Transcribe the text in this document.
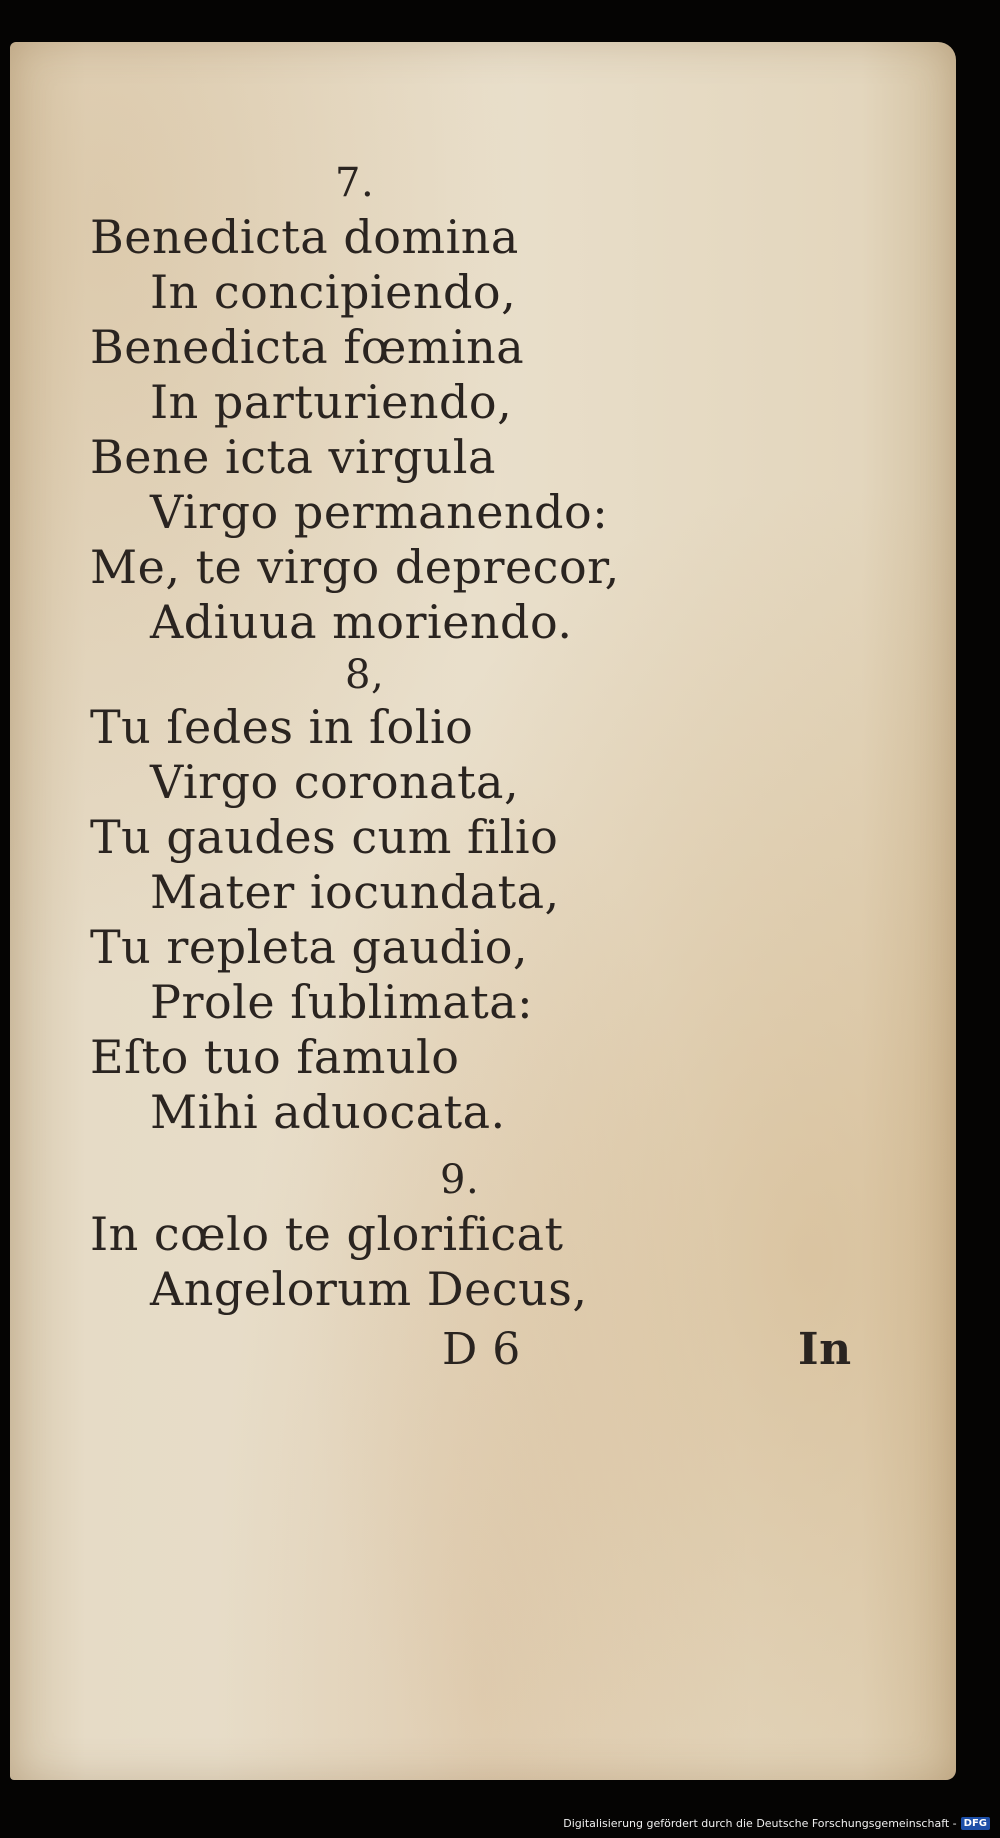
7.
Benedicta domina
In concipiendo,
Benedicta fœmina
In parturiendo,
Bene icta virgula
Virgo permanendo:
Me, te virgo deprecor,
Adiuua moriendo.
8,
Tu ſedes in ſolio
Virgo coronata,
Tu gaudes cum filio
Mater iocundata,
Tu repleta gaudio,
Prole ſublimata:
Eſto tuo famulo
Mihi aduocata.
9.
In cœlo te glorificat
Angelorum Decus,
D 6	In
Digitalisierung gefördert durch die Deutsche Forschungsgemeinschaft - DFG
